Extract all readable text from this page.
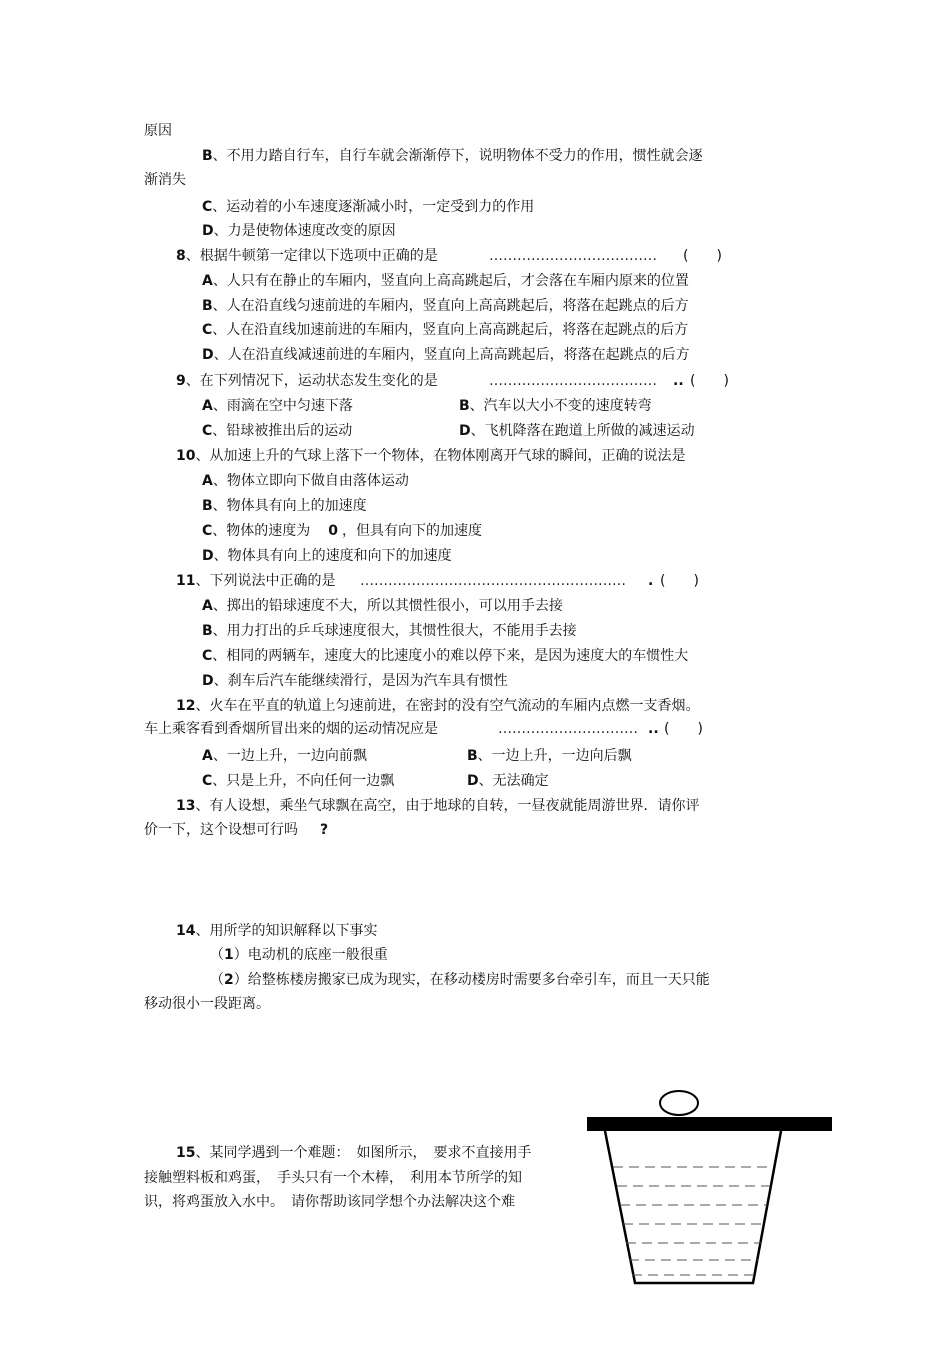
原因
B、不用力踏自行车，自行车就会渐渐停下，说明物体不受力的作用，惯性就会逐
渐消失
C、运动着的小车速度逐渐减小时，一定受到力的作用
D、力是使物体速度改变的原因
8、根据牛顿第一定律以下选项中正确的是	……………………………… (　　)
A、人只有在静止的车厢内，竖直向上高高跳起后，才会落在车厢内原来的位置
B、人在沿直线匀速前进的车厢内，竖直向上高高跳起后，将落在起跳点的后方
C、人在沿直线加速前进的车厢内，竖直向上高高跳起后，将落在起跳点的后方
D、人在沿直线减速前进的车厢内，竖直向上高高跳起后，将落在起跳点的后方
9、在下列情况下，运动状态发生变化的是	……………………………… .. (　　)
A、雨滴在空中匀速下落	B、汽车以大小不变的速度转弯
C、铅球被推出后的运动	D、飞机降落在跑道上所做的减速运动
10、从加速上升的气球上落下一个物体，在物体刚离开气球的瞬间，正确的说法是
A、物体立即向下做自由落体运动
B、物体具有向上的加速度
C、物体的速度为 0 ，但具有向下的加速度
D、物体具有向上的速度和向下的加速度
11、下列说法中正确的是 ………………………………………………… . (　　)
A、掷出的铅球速度不大，所以其惯性很小，可以用手去接
B、用力打出的乒乓球速度很大，其惯性很大，不能用手去接
C、相同的两辆车，速度大的比速度小的难以停下来，是因为速度大的车惯性大
D、刹车后汽车能继续滑行，是因为汽车具有惯性
12、火车在平直的轨道上匀速前进，在密封的没有空气流动的车厢内点燃一支香烟。
车上乘客看到香烟所冒出来的烟的运动情况应是	………………………… .. (　　)
A、一边上升，一边向前飘	B、一边上升，一边向后飘
C、只是上升，不向任何一边飘	D、无法确定
13、有人设想，乘坐气球飘在高空，由于地球的自转，一昼夜就能周游世界．请你评
价一下，这个设想可行吗 ?
14、用所学的知识解释以下事实
（1）电动机的底座一般很重
（2）给整栋楼房搬家已成为现实，在移动楼房时需要多台牵引车，而且一天只能
移动很小一段距离。
15、某同学遇到一个难题：　如图所示，　要求不直接用手
接触塑料板和鸡蛋，　手头只有一个木棒，　利用本节所学的知
识，将鸡蛋放入水中。　请你帮助该同学想个办法解决这个难
